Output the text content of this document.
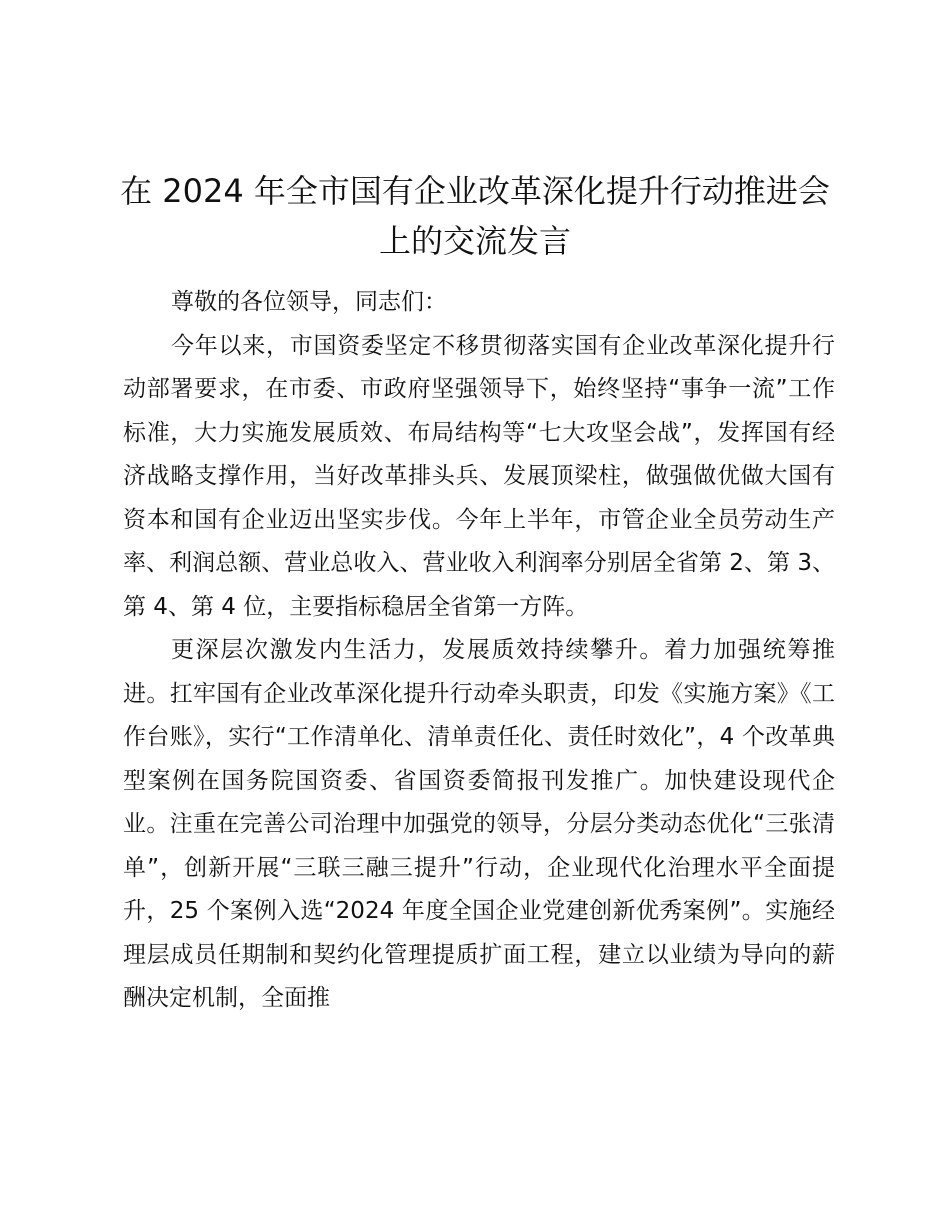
在 2024 年全市国有企业改革深化提升行动推进会上的交流发言

尊敬的各位领导，同志们：

今年以来，市国资委坚定不移贯彻落实国有企业改革深化提升行动部署要求，在市委、市政府坚强领导下，始终坚持“事争一流”工作标准，大力实施发展质效、布局结构等“七大攻坚会战”，发挥国有经济战略支撑作用，当好改革排头兵、发展顶梁柱，做强做优做大国有资本和国有企业迈出坚实步伐。今年上半年，市管企业全员劳动生产率、利润总额、营业总收入、营业收入利润率分别居全省第 2、第 3、第 4、第 4 位，主要指标稳居全省第一方阵。

更深层次激发内生活力，发展质效持续攀升。着力加强统筹推进。扛牢国有企业改革深化提升行动牵头职责，印发《实施方案》《工作台账》，实行“工作清单化、清单责任化、责任时效化”，4 个改革典型案例在国务院国资委、省国资委简报刊发推广。加快建设现代企业。注重在完善公司治理中加强党的领导，分层分类动态优化“三张清单”，创新开展“三联三融三提升”行动，企业现代化治理水平全面提升，25 个案例入选“2024 年度全国企业党建创新优秀案例”。实施经理层成员任期制和契约化管理提质扩面工程，建立以业绩为导向的薪酬决定机制，全面推
